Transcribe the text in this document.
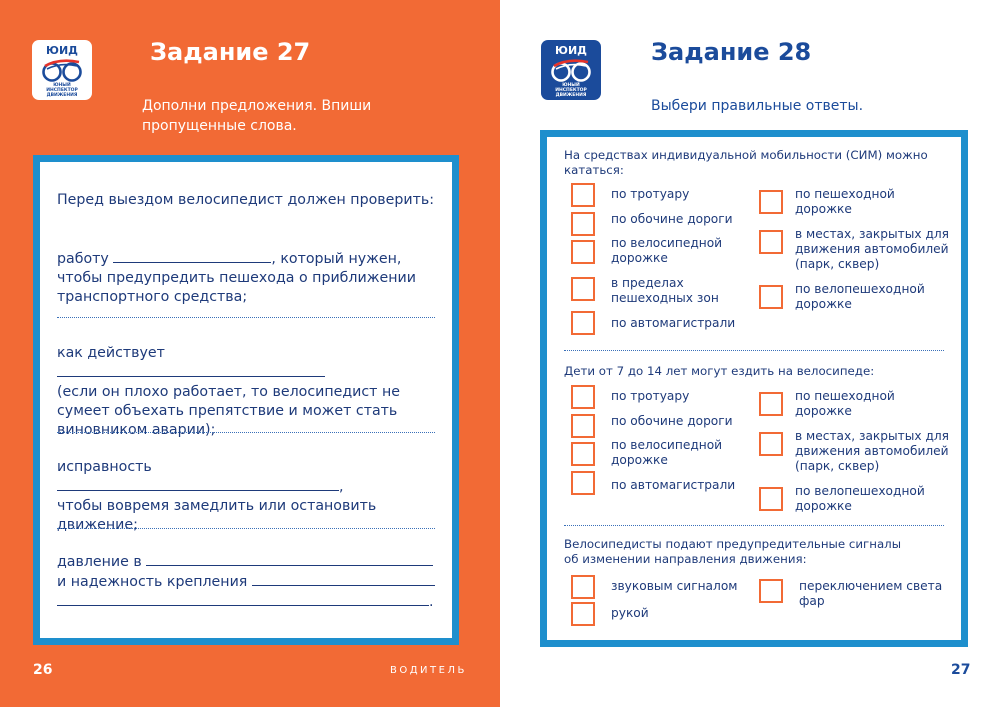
ЮИД
ЮНЫЙ ИНСПЕКТОР ДВИЖЕНИЯ
Задание 27
Дополни предложения. Впиши пропущенные слова.
Перед выездом велосипедист должен проверить:
работу	, который нужен, чтобы предупредить пешехода о приближении транспортного средства;
как действует
(если он плохо работает, то велосипедист не сумеет объехать препятствие и может стать виновником аварии);
исправность ,
чтобы вовремя замедлить или остановить движение;
давление в
и надежность крепления
.
26	ВОДИТЕЛЬ
ЮИД
ЮНЫЙ ИНСПЕКТОР ДВИЖЕНИЯ
Задание 28
Выбери правильные ответы.
На средствах индивидуальной мобильности (СИМ) можно кататься:
по тротуару
по обочине дороги
по велосипедной дорожке
в пределах пешеходных зон
по автомагистрали
по пешеходной дорожке
в местах, закрытых для движения автомобилей (парк, сквер)
по велопешеходной дорожке
Дети от 7 до 14 лет могут ездить на велосипеде:
по тротуару
по обочине дороги
по велосипедной дорожке
по автомагистрали
по пешеходной дорожке
в местах, закрытых для движения автомобилей (парк, сквер)
по велопешеходной дорожке
Велосипедисты подают предупредительные сигналы об изменении направления движения:
звуковым сигналом
рукой
переключением света фар
27
